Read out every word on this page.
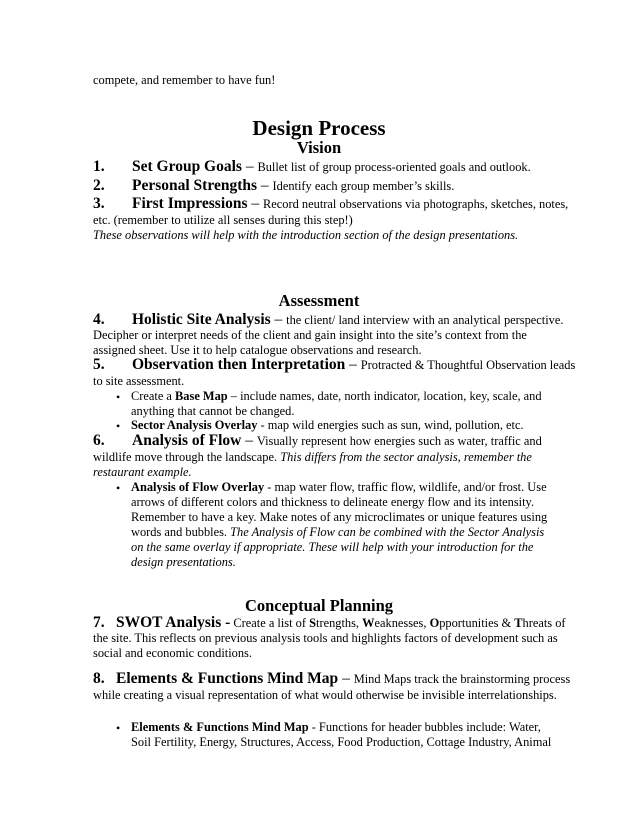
compete, and remember to have fun!
Design Process
Vision
1. Set Group Goals – Bullet list of group process-oriented goals and outlook.
2. Personal Strengths – Identify each group member’s skills.
3. First Impressions – Record neutral observations via photographs, sketches, notes,
etc. (remember to utilize all senses during this step!)
These observations will help with the introduction section of the design presentations.
Assessment
4. Holistic Site Analysis – the client/ land interview with an analytical perspective.
Decipher or interpret needs of the client and gain insight into the site’s context from the
assigned sheet. Use it to help catalogue observations and research.
5. Observation then Interpretation – Protracted & Thoughtful Observation leads
to site assessment.
• Create a Base Map – include names, date, north indicator, location, key, scale, and
anything that cannot be changed.
• Sector Analysis Overlay - map wild energies such as sun, wind, pollution, etc.
6. Analysis of Flow – Visually represent how energies such as water, traffic and
wildlife move through the landscape. This differs from the sector analysis, remember the
restaurant example.
• Analysis of Flow Overlay - map water flow, traffic flow, wildlife, and/or frost. Use
arrows of different colors and thickness to delineate energy flow and its intensity.
Remember to have a key. Make notes of any microclimates or unique features using
words and bubbles. The Analysis of Flow can be combined with the Sector Analysis
on the same overlay if appropriate. These will help with your introduction for the
design presentations.
Conceptual Planning
7. SWOT Analysis - Create a list of Strengths, Weaknesses, Opportunities & Threats of
the site. This reflects on previous analysis tools and highlights factors of development such as
social and economic conditions.
8. Elements & Functions Mind Map – Mind Maps track the brainstorming process
while creating a visual representation of what would otherwise be invisible interrelationships.
• Elements & Functions Mind Map - Functions for header bubbles include: Water,
Soil Fertility, Energy, Structures, Access, Food Production, Cottage Industry, Animal
